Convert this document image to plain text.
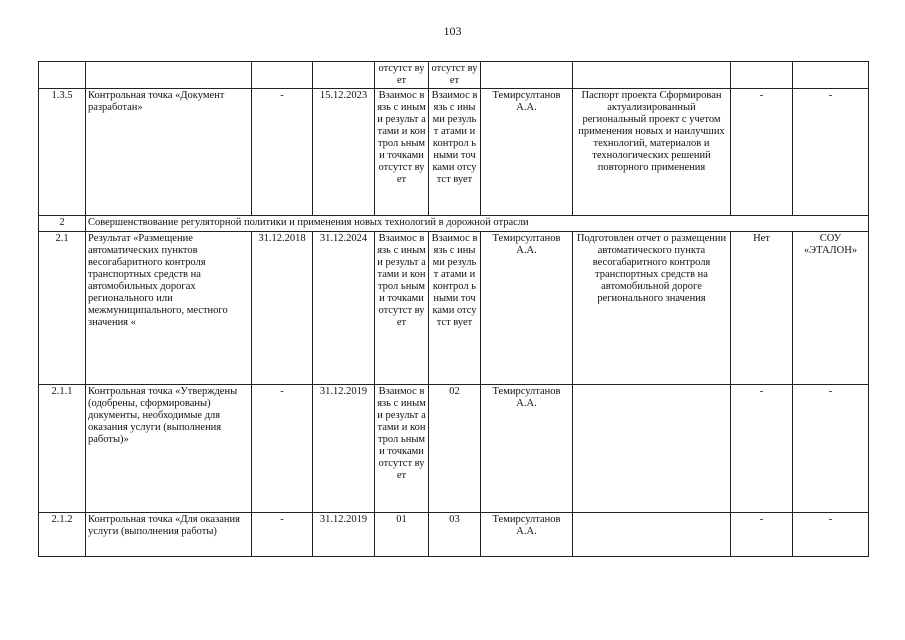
103
				отсутст вует	отсутст вует				
1.3.5	Контрольная точка «Документ разработан»	-	15.12.2023	Взаимос вязь с иными результ атами и контрол ьными точками отсутст вует	Взаимос вязь с иными результ атами и контрол ьными точками отсутст вует	Темирсултанов А.А.	Паспорт проекта Сформирован актуализированный региональный проект с учетом применения новых и наилучших технологий, материалов и технологических решений повторного применения	-	-
2	Совершенствование регуляторной политики и применения новых технологий в дорожной отрасли								
2.1	Результат «Размещение автоматических пунктов весогабаритного контроля транспортных средств на автомобильных дорогах регионального или межмуниципального, местного значения «	31.12.2018	31.12.2024	Взаимос вязь с иными результ атами и контрол ьными точками отсутст вует	Взаимос вязь с иными результ атами и контрол ьными точками отсутст вует	Темирсултанов А.А.	Подготовлен отчет о размещении автоматического пункта весогабаритного контроля транспортных средств на автомобильной дороге регионального значения	Нет	СОУ «ЭТАЛОН»
2.1.1	Контрольная точка «Утверждены (одобрены, сформированы) документы, необходимые для оказания услуги (выполнения работы)»	-	31.12.2019	Взаимос вязь с иными результ атами и контрол ьными точками отсутст вует	02	Темирсултанов А.А.		-	-
2.1.2	Контрольная точка «Для оказания услуги (выполнения работы)	-	31.12.2019	01	03	Темирсултанов А.А.		-	-
